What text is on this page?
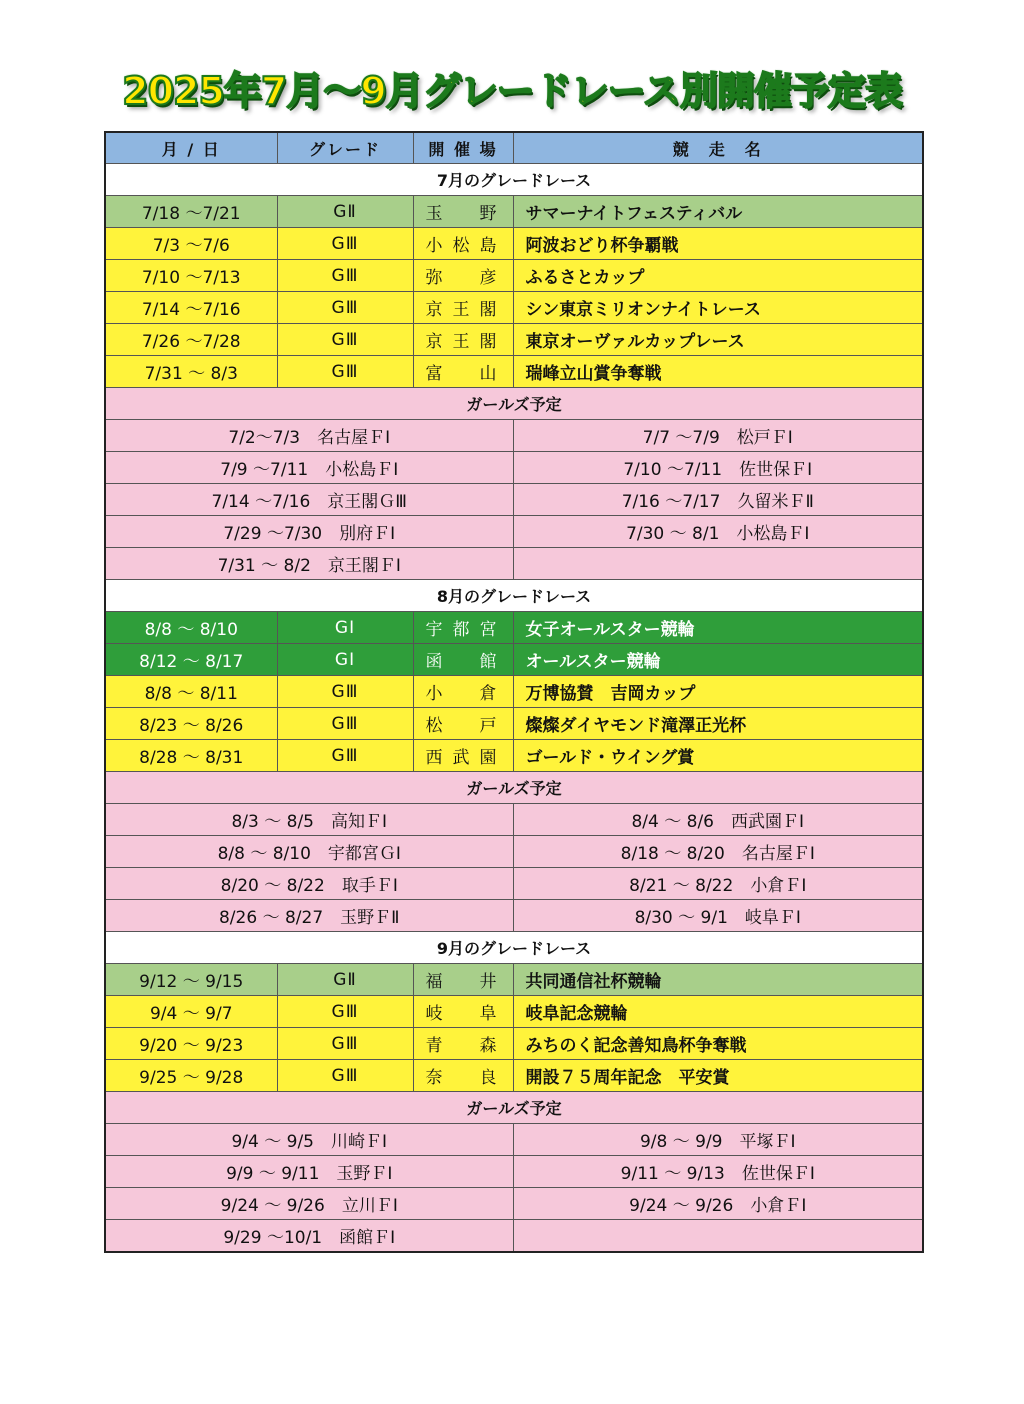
2025年7月～9月グレードレース別開催予定表
月 / 日	グレード	開 催 場	競　走　名
7月のグレードレース			
7/18 ～7/21	GⅡ	玉野	サマーナイトフェスティバル
7/3 ～7/6	GⅢ	小松島	阿波おどり杯争覇戦
7/10 ～7/13	GⅢ	弥彦	ふるさとカップ
7/14 ～7/16	GⅢ	京王閣	シン東京ミリオンナイトレース
7/26 ～7/28	GⅢ	京王閣	東京オーヴァルカップレース
7/31 ～ 8/3	GⅢ	富山	瑞峰立山賞争奪戦
ガールズ予定			
7/2～7/3　名古屋ＦⅠ			7/7 ～7/9　松戸ＦⅠ
7/9 ～7/11　小松島ＦⅠ			7/10 ～7/11　佐世保ＦⅠ
7/14 ～7/16　京王閣ＧⅢ			7/16 ～7/17　久留米ＦⅡ
7/29 ～7/30　別府ＦⅠ			7/30 ～ 8/1　小松島ＦⅠ
7/31 ～ 8/2　京王閣ＦⅠ			
8月のグレードレース			
8/8 ～ 8/10	GⅠ	宇都宮	女子オールスター競輪
8/12 ～ 8/17	GⅠ	函館	オールスター競輪
8/8 ～ 8/11	GⅢ	小倉	万博協賛　吉岡カップ
8/23 ～ 8/26	GⅢ	松戸	燦燦ダイヤモンド滝澤正光杯
8/28 ～ 8/31	GⅢ	西武園	ゴールド・ウイング賞
ガールズ予定			
8/3 ～ 8/5　高知ＦⅠ			8/4 ～ 8/6　西武園ＦⅠ
8/8 ～ 8/10　宇都宮ＧⅠ			8/18 ～ 8/20　名古屋ＦⅠ
8/20 ～ 8/22　取手ＦⅠ			8/21 ～ 8/22　小倉ＦⅠ
8/26 ～ 8/27　玉野ＦⅡ			8/30 ～ 9/1　岐阜ＦⅠ
9月のグレードレース			
9/12 ～ 9/15	GⅡ	福井	共同通信社杯競輪
9/4 ～ 9/7	GⅢ	岐阜	岐阜記念競輪
9/20 ～ 9/23	GⅢ	青森	みちのく記念善知鳥杯争奪戦
9/25 ～ 9/28	GⅢ	奈良	開設７５周年記念　平安賞
ガールズ予定			
9/4 ～ 9/5　川崎ＦⅠ			9/8 ～ 9/9　平塚ＦⅠ
9/9 ～ 9/11　玉野ＦⅠ			9/11 ～ 9/13　佐世保ＦⅠ
9/24 ～ 9/26　立川ＦⅠ			9/24 ～ 9/26　小倉ＦⅠ
9/29 ～10/1　函館ＦⅠ			
